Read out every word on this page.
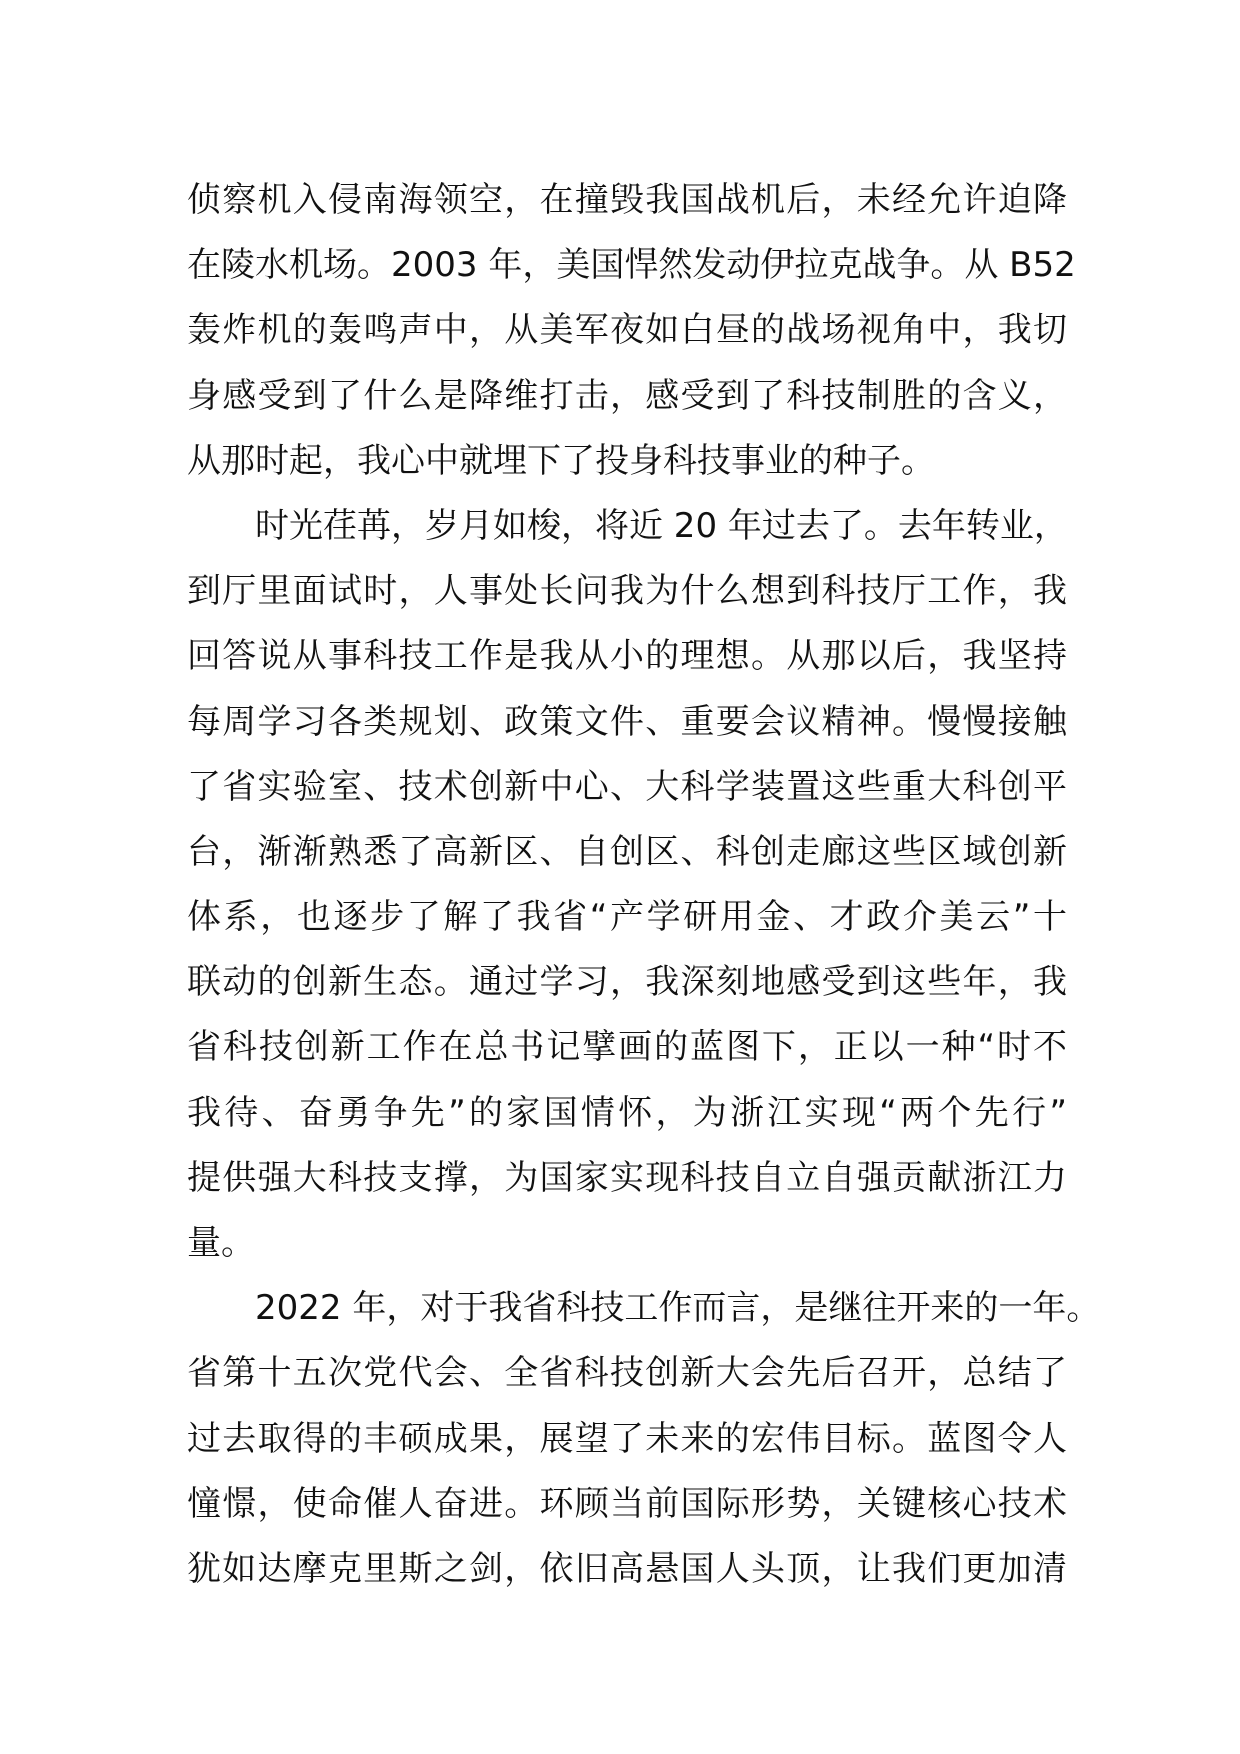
侦察机入侵南海领空，在撞毁我国战机后，未经允许迫降
在陵水机场。2003 年，美国悍然发动伊拉克战争。从 B52
轰炸机的轰鸣声中，从美军夜如白昼的战场视角中，我切
身感受到了什么是降维打击，感受到了科技制胜的含义，
从那时起，我心中就埋下了投身科技事业的种子。
时光荏苒，岁月如梭，将近 20 年过去了。去年转业，
到厅里面试时，人事处长问我为什么想到科技厅工作，我
回答说从事科技工作是我从小的理想。从那以后，我坚持
每周学习各类规划、政策文件、重要会议精神。慢慢接触
了省实验室、技术创新中心、大科学装置这些重大科创平
台，渐渐熟悉了高新区、自创区、科创走廊这些区域创新
体系，也逐步了解了我省“产学研用金、才政介美云”十
联动的创新生态。通过学习，我深刻地感受到这些年，我
省科技创新工作在总书记擘画的蓝图下，正以一种“时不
我待、奋勇争先”的家国情怀，为浙江实现“两个先行”
提供强大科技支撑，为国家实现科技自立自强贡献浙江力
量。
2022 年，对于我省科技工作而言，是继往开来的一年。
省第十五次党代会、全省科技创新大会先后召开，总结了
过去取得的丰硕成果，展望了未来的宏伟目标。蓝图令人
憧憬，使命催人奋进。环顾当前国际形势，关键核心技术
犹如达摩克里斯之剑，依旧高悬国人头顶，让我们更加清
